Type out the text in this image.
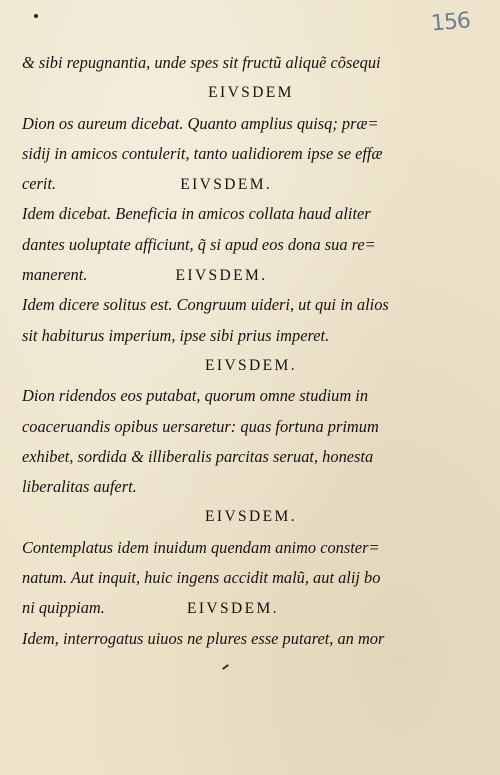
156
& sibi repugnantia, unde spes sit fructũ aliquẽ cõsequi
EIVSDEM
Dion os aureum dicebat. Quanto amplius quisq; præ=
sidij in amicos contulerit, tanto ualidiorem ipse se effæ
cerit.	EIVSDEM.
Idem dicebat. Beneficia in amicos collata haud aliter
dantes uoluptate afficiunt, q̃ si apud eos dona sua re=
manerent.	EIVSDEM.
Idem dicere solitus est. Congruum uideri, ut qui in alios
sit habiturus imperium, ipse sibi prius imperet.
EIVSDEM.
Dion ridendos eos putabat, quorum omne studium in
coaceruandis opibus uersaretur: quas fortuna primum
exhibet, sordida & illiberalis parcitas seruat, honesta
liberalitas aufert.
EIVSDEM.
Contemplatus idem inuidum quendam animo conster=
natum. Aut inquit, huic ingens accidit malũ, aut alij bo
ni quippiam.	EIVSDEM.
Idem, interrogatus uiuos ne plures esse putaret, an mor
